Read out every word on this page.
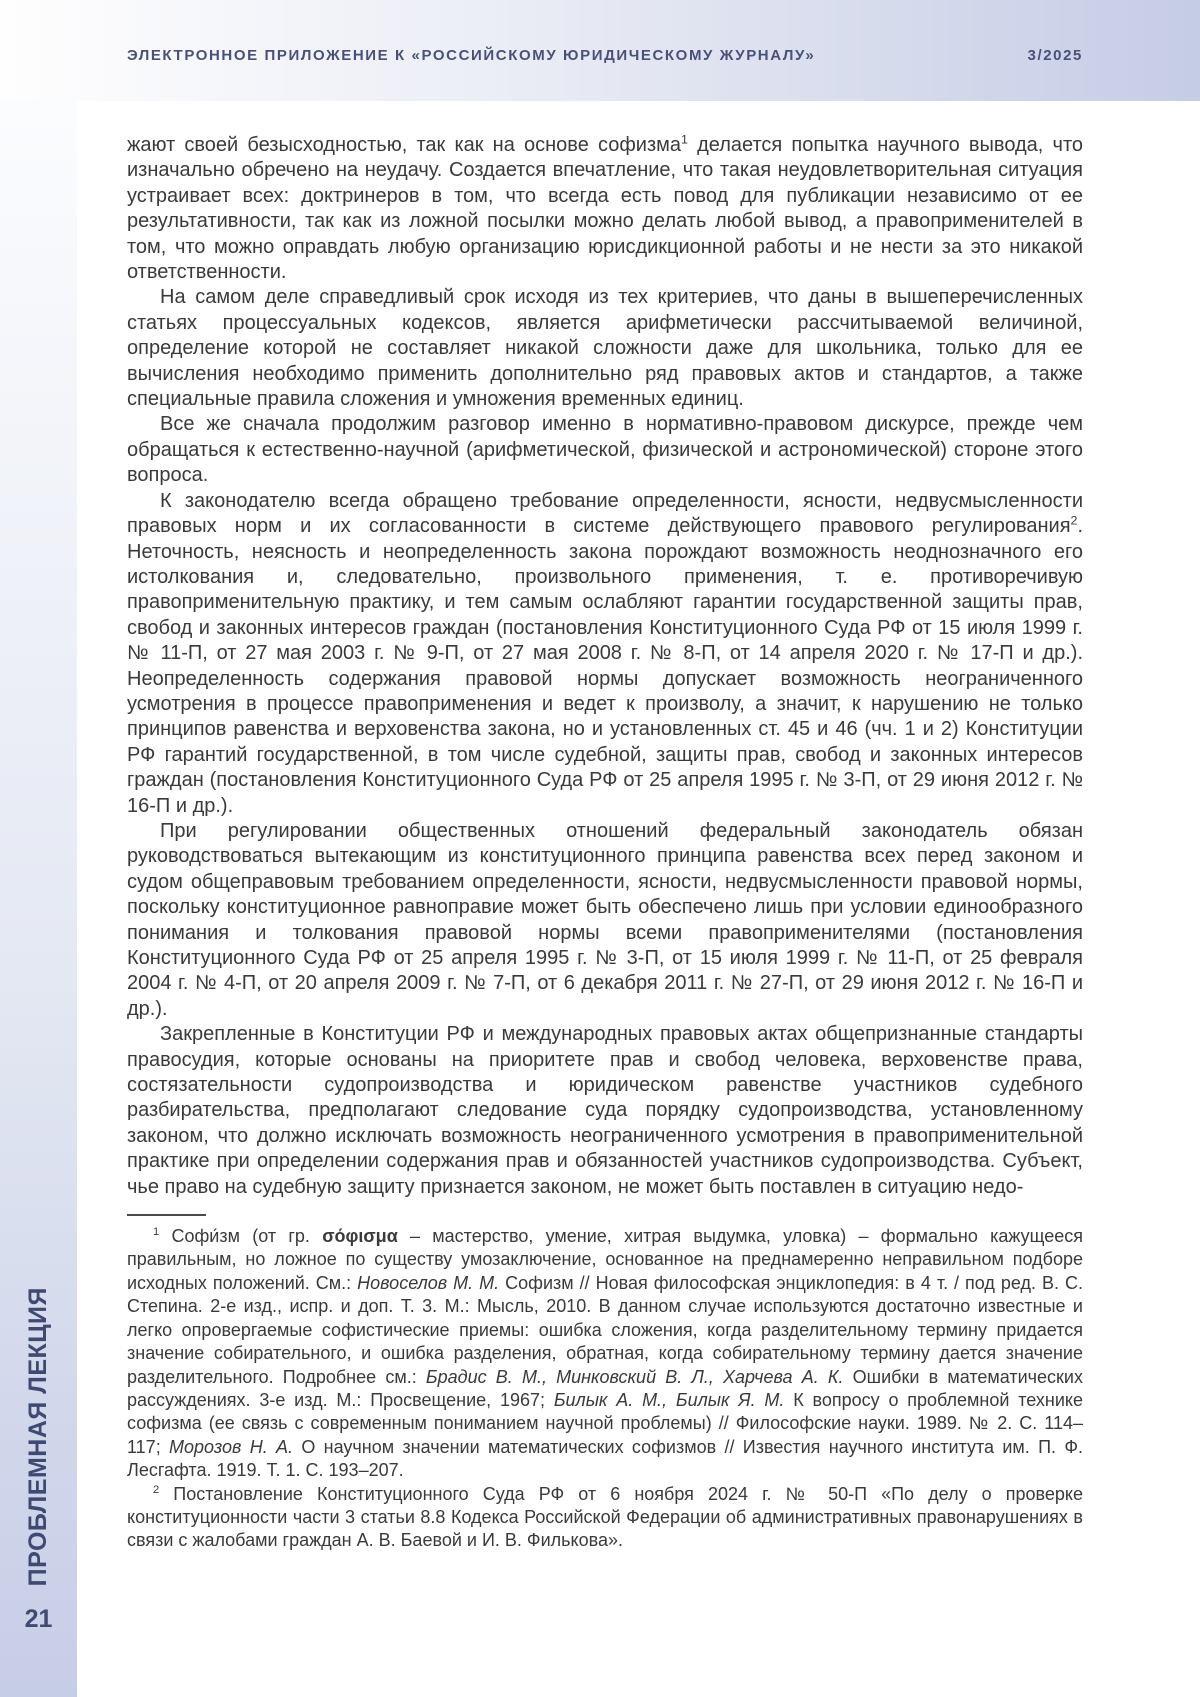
ЭЛЕКТРОННОЕ ПРИЛОЖЕНИЕ К «РОССИЙСКОМУ ЮРИДИЧЕСКОМУ ЖУРНАЛУ»	3/2025
ПРОБЛЕМНАЯ ЛЕКЦИЯ
21

жают своей безысходностью, так как на основе софизма$^1$ делается попытка научного вывода, что изначально обречено на неудачу. Создается впечатление, что такая неудовлетворительная ситуация устраивает всех: доктринеров в том, что всегда есть повод для публикации независимо от ее результативности, так как из ложной посылки можно делать любой вывод, а правоприменителей в том, что можно оправдать любую организацию юрисдикционной работы и не нести за это никакой ответственности.

На самом деле справедливый срок исходя из тех критериев, что даны в вышеперечисленных статьях процессуальных кодексов, является арифметически рассчитываемой величиной, определение которой не составляет никакой сложности даже для школьника, только для ее вычисления необходимо применить дополнительно ряд правовых актов и стандартов, а также специальные правила сложения и умножения временных единиц.

Все же сначала продолжим разговор именно в нормативно-правовом дискурсе, прежде чем обращаться к естественно-научной (арифметической, физической и астрономической) стороне этого вопроса.

К законодателю всегда обращено требование определенности, ясности, недвусмысленности правовых норм и их согласованности в системе действующего правового регулирования$^2$. Неточность, неясность и неопределенность закона порождают возможность неоднозначного его истолкования и, следовательно, произвольного применения, т. е. противоречивую правоприменительную практику, и тем самым ослабляют гарантии государственной защиты прав, свобод и законных интересов граждан (постановления Конституционного Суда РФ от 15 июля 1999 г. № 11-П, от 27 мая 2003 г. № 9-П, от 27 мая 2008 г. № 8-П, от 14 апреля 2020 г. № 17-П и др.). Неопределенность содержания правовой нормы допускает возможность неограниченного усмотрения в процессе правоприменения и ведет к произволу, а значит, к нарушению не только принципов равенства и верховенства закона, но и установленных ст. 45 и 46 (чч. 1 и 2) Конституции РФ гарантий государственной, в том числе судебной, защиты прав, свобод и законных интересов граждан (постановления Конституционного Суда РФ от 25 апреля 1995 г. № 3-П, от 29 июня 2012 г. № 16-П и др.).

При регулировании общественных отношений федеральный законодатель обязан руководствоваться вытекающим из конституционного принципа равенства всех перед законом и судом общеправовым требованием определенности, ясности, недвусмысленности правовой нормы, поскольку конституционное равноправие может быть обеспечено лишь при условии единообразного понимания и толкования правовой нормы всеми правоприменителями (постановления Конституционного Суда РФ от 25 апреля 1995 г. № 3-П, от 15 июля 1999 г. № 11-П, от 25 февраля 2004 г. № 4-П, от 20 апреля 2009 г. № 7-П, от 6 декабря 2011 г. № 27-П, от 29 июня 2012 г. № 16-П и др.).

Закрепленные в Конституции РФ и международных правовых актах общепризнанные стандарты правосудия, которые основаны на приоритете прав и свобод человека, верховенстве права, состязательности судопроизводства и юридическом равенстве участников судебного разбирательства, предполагают следование суда порядку судопроизводства, установленному законом, что должно исключать возможность неограниченного усмотрения в правоприменительной практике при определении содержания прав и обязанностей участников судопроизводства. Субъект, чье право на судебную защиту признается законом, не может быть поставлен в ситуацию недо-

$^1$ Софи́зм (от гр. σόφισμα – мастерство, умение, хитрая выдумка, уловка) – формально кажущееся правильным, но ложное по существу умозаключение, основанное на преднамеренно неправильном подборе исходных положений. См.: Новоселов М. М. Софизм // Новая философская энциклопедия: в 4 т. / под ред. В. С. Степина. 2-е изд., испр. и доп. Т. 3. М.: Мысль, 2010. В данном случае используются достаточно известные и легко опровергаемые софистические приемы: ошибка сложения, когда разделительному термину придается значение собирательного, и ошибка разделения, обратная, когда собирательному термину дается значение разделительного. Подробнее см.: Брадис В. М., Минковский В. Л., Харчева А. К. Ошибки в математических рассуждениях. 3-е изд. М.: Просвещение, 1967; Билык А. М., Билык Я. М. К вопросу о проблемной технике софизма (ее связь с современным пониманием научной проблемы) // Философские науки. 1989. № 2. С. 114–117; Морозов Н. А. О научном значении математических софизмов // Известия научного института им. П. Ф. Лесгафта. 1919. Т. 1. С. 193–207.

$^2$ Постановление Конституционного Суда РФ от 6 ноября 2024 г. № 50-П «По делу о проверке конституционности части 3 статьи 8.8 Кодекса Российской Федерации об административных правонарушениях в связи с жалобами граждан А. В. Баевой и И. В. Филькова».
